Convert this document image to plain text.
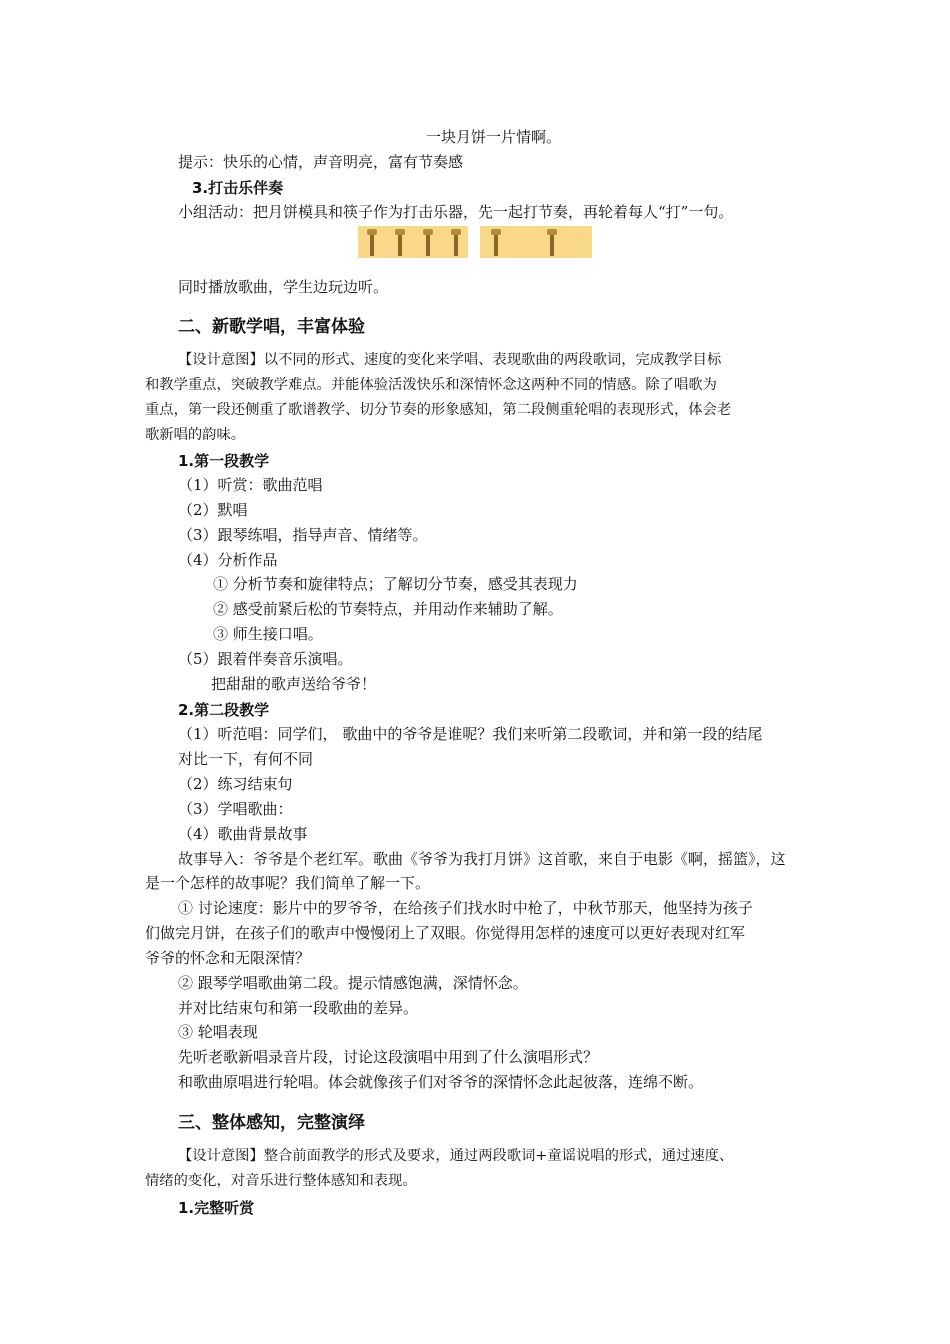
一块月饼一片情啊。
提示：快乐的心情，声音明亮，富有节奏感
3.打击乐伴奏
小组活动：把月饼模具和筷子作为打击乐器，先一起打节奏，再轮着每人“打”一句。
同时播放歌曲，学生边玩边听。
二、新歌学唱，丰富体验
【设计意图】以不同的形式、速度的变化来学唱、表现歌曲的两段歌词，完成教学目标
和教学重点，突破教学难点。并能体验活泼快乐和深情怀念这两种不同的情感。除了唱歌为
重点，第一段还侧重了歌谱教学、切分节奏的形象感知，第二段侧重轮唱的表现形式，体会老
歌新唱的韵味。
1.第一段教学
（1）听赏：歌曲范唱
（2）默唱
（3）跟琴练唱，指导声音、情绪等。
（4）分析作品
① 分析节奏和旋律特点；了解切分节奏，感受其表现力
② 感受前紧后松的节奏特点，并用动作来辅助了解。
③ 师生接口唱。
（5）跟着伴奏音乐演唱。
把甜甜的歌声送给爷爷！
2.第二段教学
（1）听范唱：同学们， 歌曲中的爷爷是谁呢？我们来听第二段歌词，并和第一段的结尾
对比一下，有何不同
（2）练习结束句
（3）学唱歌曲：
（4）歌曲背景故事
故事导入：爷爷是个老红军。歌曲《爷爷为我打月饼》这首歌，来自于电影《啊，摇篮》，这
是一个怎样的故事呢？我们简单了解一下。
① 讨论速度：影片中的罗爷爷，在给孩子们找水时中枪了，中秋节那天，他坚持为孩子
们做完月饼，在孩子们的歌声中慢慢闭上了双眼。你觉得用怎样的速度可以更好表现对红军
爷爷的怀念和无限深情？
② 跟琴学唱歌曲第二段。提示情感饱满，深情怀念。
并对比结束句和第一段歌曲的差异。
③ 轮唱表现
先听老歌新唱录音片段，讨论这段演唱中用到了什么演唱形式？
和歌曲原唱进行轮唱。体会就像孩子们对爷爷的深情怀念此起彼落，连绵不断。
三、整体感知，完整演绎
【设计意图】整合前面教学的形式及要求，通过两段歌词+童谣说唱的形式，通过速度、
情绪的变化，对音乐进行整体感知和表现。
1.完整听赏
